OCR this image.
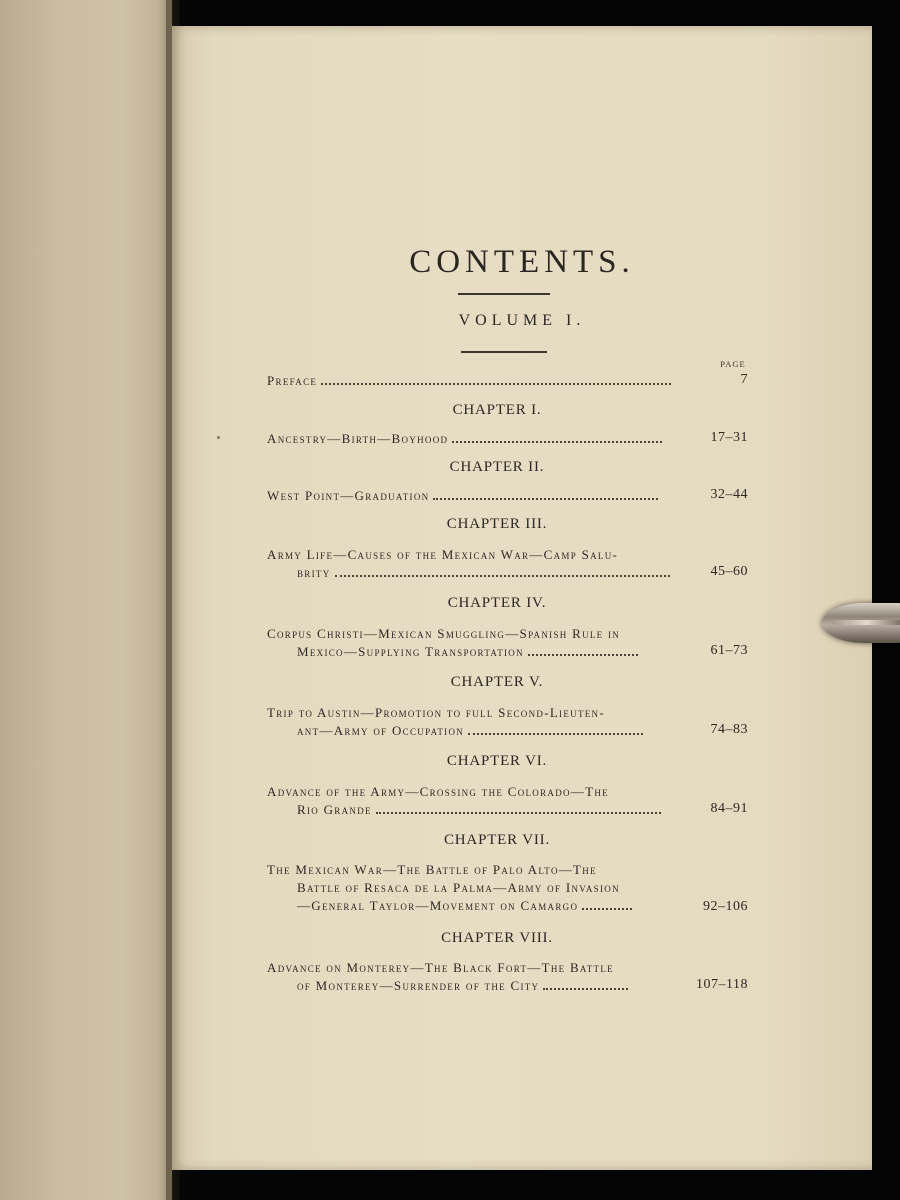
CONTENTS.
VOLUME I.
PAGE
Preface	7
CHAPTER I.
Ancestry—Birth—Boyhood	17–31
CHAPTER II.
West Point—Graduation	32–44
CHAPTER III.
Army Life—Causes of the Mexican War—Camp Salu-
brity	45–60
CHAPTER IV.
Corpus Christi—Mexican Smuggling—Spanish Rule in
Mexico—Supplying Transportation	61–73
CHAPTER V.
Trip to Austin—Promotion to full Second-Lieuten-
ant—Army of Occupation	74–83
CHAPTER VI.
Advance of the Army—Crossing the Colorado—The
Rio Grande	84–91
CHAPTER VII.
The Mexican War—The Battle of Palo Alto—The
Battle of Resaca de la Palma—Army of Invasion
—General Taylor—Movement on Camargo	92–106
CHAPTER VIII.
Advance on Monterey—The Black Fort—The Battle
of Monterey—Surrender of the City	107–118
